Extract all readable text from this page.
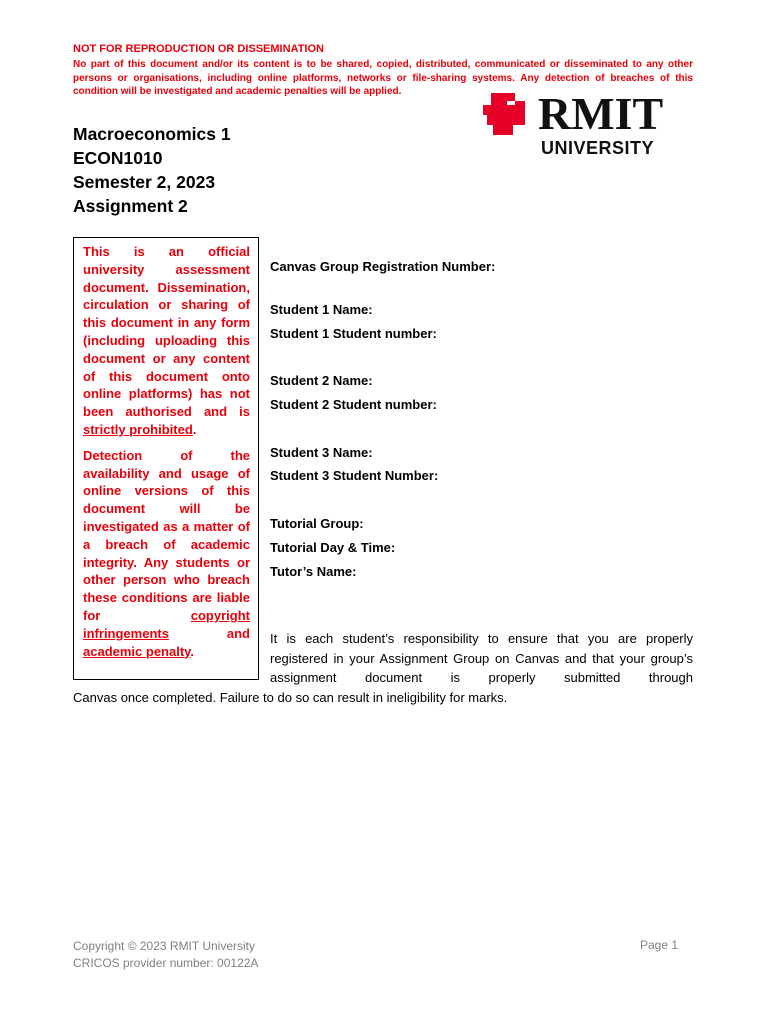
NOT FOR REPRODUCTION OR DISSEMINATION
No part of this document and/or its content is to be shared, copied, distributed, communicated or disseminated to any other
persons or organisations, including online platforms, networks or file-sharing systems. Any detection of breaches of this
condition will be investigated and academic penalties will be applied.	RMIT
UNIVERSITY
Macroeconomics 1
ECON1010
Semester 2, 2023
Assignment 2

This is an official university assessment document. Dissemination, circulation or sharing of this document in any form (including uploading this document or any content of this document onto online platforms) has not been authorised and is strictly prohibited.

Detection of the availability and usage of online versions of this document will be investigated as a matter of a breach of academic integrity. Any students or other person who breach these conditions are liable for copyright infringements and academic penalty.

Canvas Group Registration Number:
Student 1 Name:
Student 1 Student number:
Student 2 Name:
Student 2 Student number:
Student 3 Name:
Student 3 Student Number:
Tutorial Group:
Tutorial Day & Time:
Tutor’s Name:
It is each student’s responsibility to ensure that you are properly registered in your Assignment Group on Canvas and that your group’s assignment document is properly submitted through
Canvas once completed. Failure to do so can result in ineligibility for marks.
Copyright © 2023 RMIT University
CRICOS provider number: 00122A
Page 1
